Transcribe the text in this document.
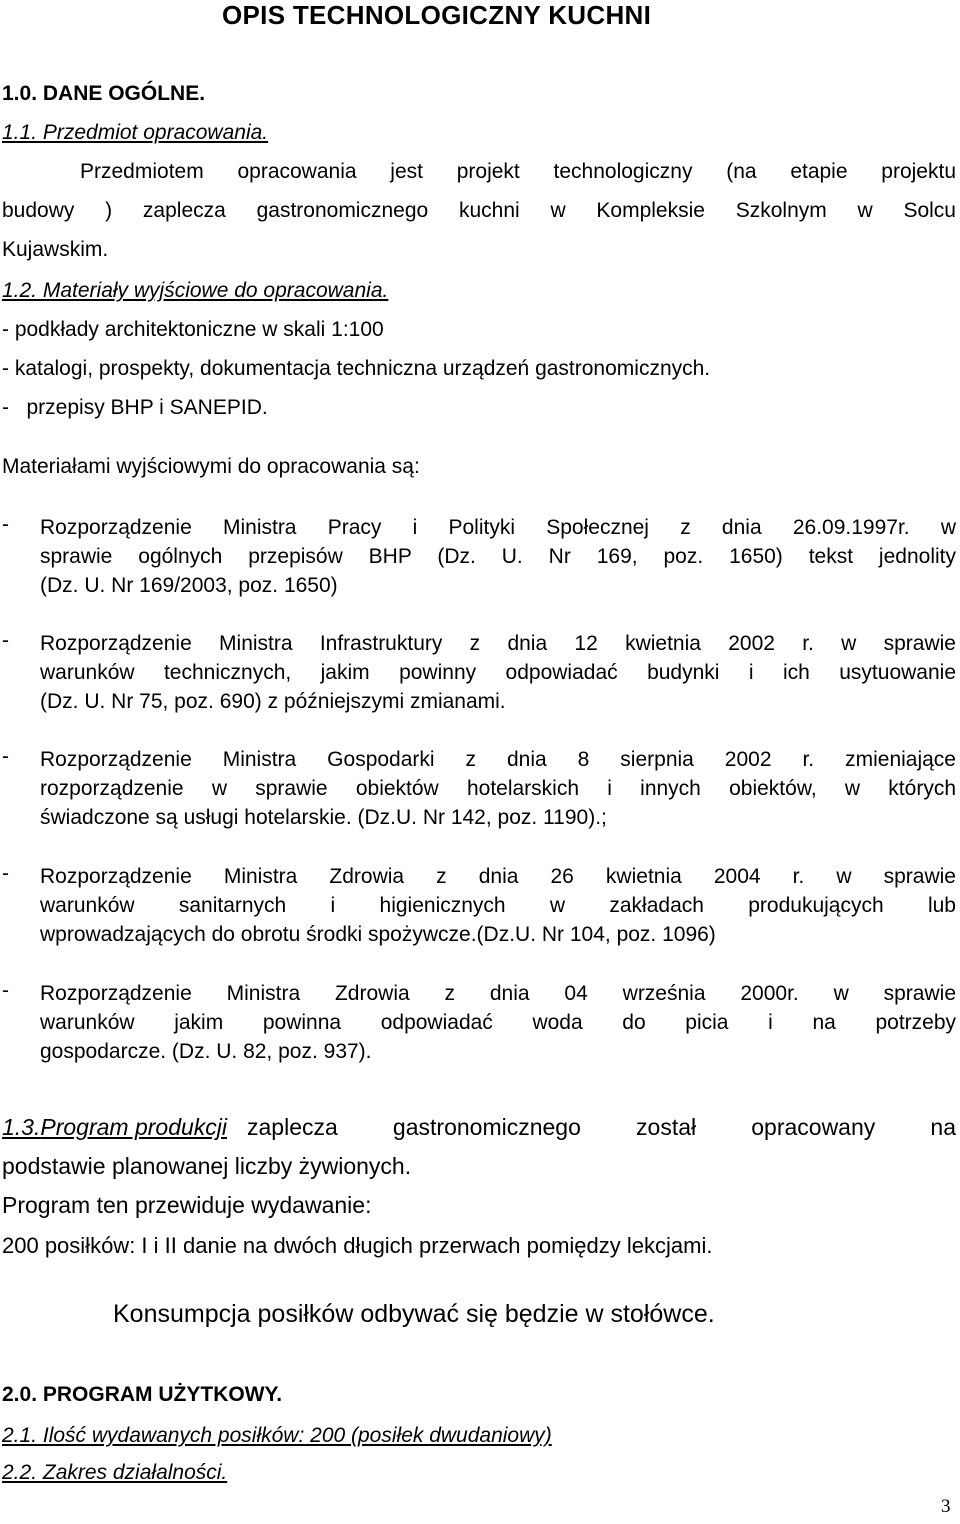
OPIS TECHNOLOGICZNY KUCHNI
1.0. DANE OGÓLNE.
1.1. Przedmiot opracowania.
Przedmiotem opracowania jest projekt technologiczny (na etapie projektu
budowy ) zaplecza gastronomicznego kuchni w Kompleksie Szkolnym w Solcu
Kujawskim.
1.2. Materiały wyjściowe do opracowania.
- podkłady architektoniczne w skali 1:100
- katalogi, prospekty, dokumentacja techniczna urządzeń gastronomicznych.
-   przepisy BHP i SANEPID.
Materiałami wyjściowymi do opracowania są:
- Rozporządzenie Ministra Pracy i Polityki Społecznej z dnia 26.09.1997r. w
sprawie ogólnych przepisów BHP (Dz. U. Nr 169, poz. 1650) tekst jednolity
(Dz. U. Nr 169/2003, poz. 1650)
- Rozporządzenie Ministra Infrastruktury z dnia 12 kwietnia 2002 r. w sprawie
warunków technicznych, jakim powinny odpowiadać budynki i ich usytuowanie
(Dz. U. Nr 75, poz. 690) z późniejszymi zmianami.
- Rozporządzenie Ministra Gospodarki z dnia 8 sierpnia 2002 r. zmieniające
rozporządzenie w sprawie obiektów hotelarskich i innych obiektów, w których
świadczone są usługi hotelarskie. (Dz.U. Nr 142, poz. 1190).;
- Rozporządzenie Ministra Zdrowia z dnia 26 kwietnia 2004 r. w sprawie
warunków sanitarnych i higienicznych w zakładach produkujących lub
wprowadzających do obrotu środki spożywcze.(Dz.U. Nr 104, poz. 1096)
- Rozporządzenie Ministra Zdrowia z dnia 04 września 2000r. w sprawie
warunków jakim powinna odpowiadać woda do picia i na potrzeby
gospodarcze. (Dz. U. 82, poz. 937).
1.3. Program produkcji zaplecza gastronomicznego został opracowany na
podstawie planowanej liczby żywionych.
Program ten przewiduje wydawanie:
200 posiłków: I i II danie na dwóch długich przerwach pomiędzy lekcjami.
Konsumpcja posiłków odbywać się będzie w stołówce.
2.0. PROGRAM UŻYTKOWY.
2.1. Ilość wydawanych posiłków: 200 (posiłek dwudaniowy)
2.2. Zakres działalności.
3
